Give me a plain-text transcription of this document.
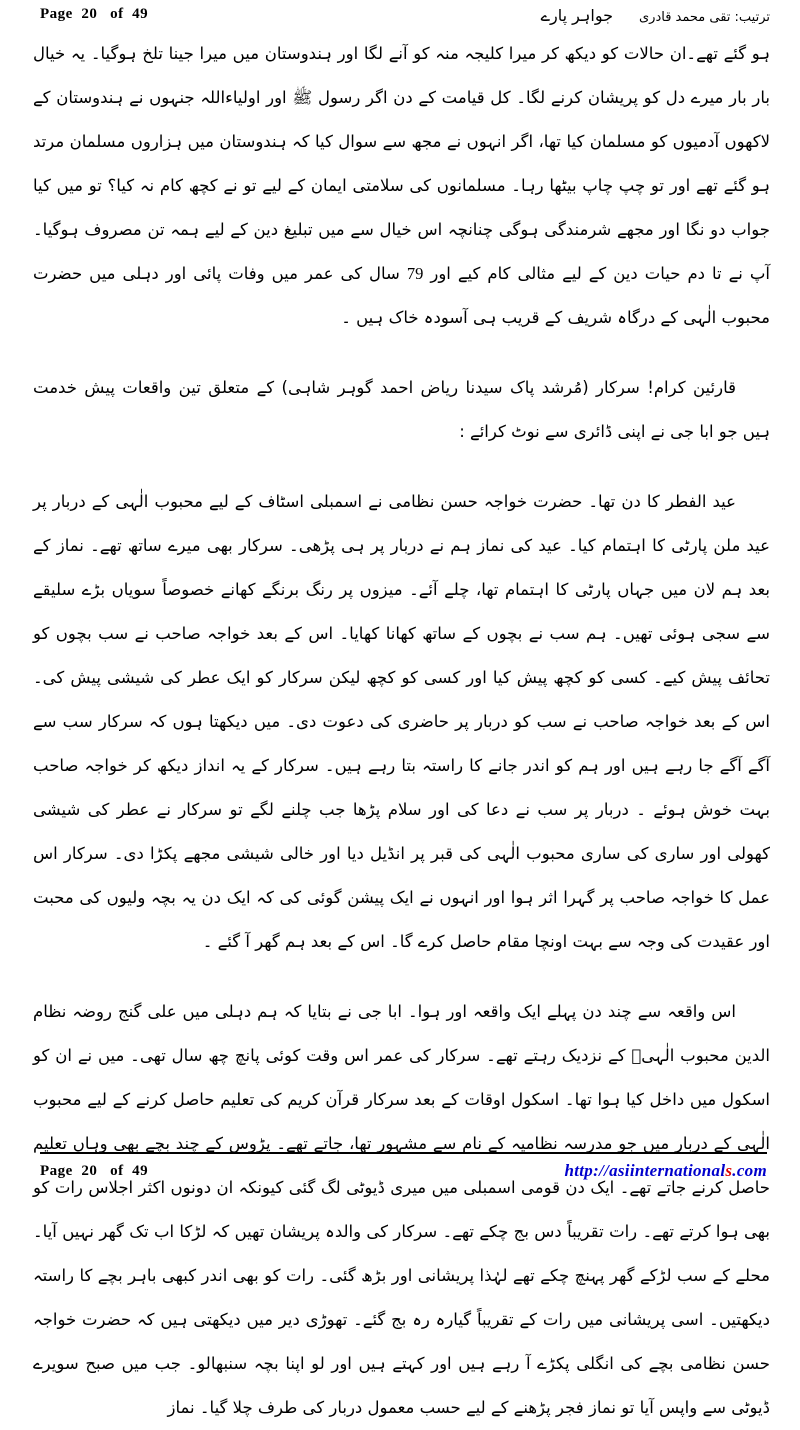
Page  20   of  49	ترتیب: تقی محمد قادری
جواہر پارے
ہو گئے تھے۔ان حالات کو دیکھ کر میرا کلیجہ منہ کو آنے لگا اور ہندوستان میں میرا جینا تلخ ہوگیا۔ یہ خیال بار بار میرے دل کو پریشان کرنے لگا۔ کل قیامت کے دن اگر رسول ﷺ اور اولیاءاللہ جنہوں نے ہندوستان کے لاکھوں آدمیوں کو مسلمان کیا تھا، اگر انہوں نے مجھ سے سوال کیا کہ ہندوستان میں ہزاروں مسلمان مرتد ہو گئے تھے اور تو چپ چاپ بیٹھا رہا۔ مسلمانوں کی سلامتی ایمان کے لیے تو نے کچھ کام نہ کیا؟ تو میں کیا جواب دو نگا اور مجھے شرمندگی ہوگی چنانچہ اس خیال سے میں تبلیغ دین کے لیے ہمہ تن مصروف ہوگیا۔ آپ نے تا دم حیات دین کے لیے مثالی کام کیے اور 79 سال کی عمر میں وفات پائی اور دہلی میں حضرت محبوب الٰہی کے درگاہ شریف کے قریب ہی آسودہ خاک ہیں ۔
قارئین کرام! سرکار (مُرشد پاک سیدنا ریاض احمد گوہر شاہی) کے متعلق تین واقعات پیش خدمت ہیں جو ابا جی نے اپنی ڈائری سے نوٹ کرائے :
عید الفطر کا دن تھا۔ حضرت خواجہ حسن نظامی نے اسمبلی اسٹاف کے لیے محبوب الٰہی کے دربار پر عید ملن پارٹی کا اہتمام کیا۔ عید کی نماز ہم نے دربار پر ہی پڑھی۔ سرکار بھی میرے ساتھ تھے۔ نماز کے بعد ہم لان میں جہاں پارٹی کا اہتمام تھا، چلے آئے۔ میزوں پر رنگ برنگے کھانے خصوصاً سویاں بڑے سلیقے سے سجی ہوئی تھیں۔ ہم سب نے بچوں کے ساتھ کھانا کھایا۔ اس کے بعد خواجہ صاحب نے سب بچوں کو تحائف پیش کیے۔ کسی کو کچھ پیش کیا اور کسی کو کچھ لیکن سرکار کو ایک عطر کی شیشی پیش کی۔ اس کے بعد خواجہ صاحب نے سب کو دربار پر حاضری کی دعوت دی۔ میں دیکھتا ہوں کہ سرکار سب سے آگے آگے جا رہے ہیں اور ہم کو اندر جانے کا راستہ بتا رہے ہیں۔ سرکار کے یہ انداز دیکھ کر خواجہ صاحب بہت خوش ہوئے ۔ دربار پر سب نے دعا کی اور سلام پڑھا جب چلنے لگے تو سرکار نے عطر کی شیشی کھولی اور ساری کی ساری محبوب الٰہی کی قبر پر انڈیل دیا اور خالی شیشی مجھے پکڑا دی۔ سرکار اس عمل کا خواجہ صاحب پر گہرا اثر ہوا اور انہوں نے ایک پیشن گوئی کی کہ ایک دن یہ بچہ ولیوں کی محبت اور عقیدت کی وجہ سے بہت اونچا مقام حاصل کرے گا۔ اس کے بعد ہم گھر آ گئے ۔
اس واقعہ سے چند دن پہلے ایک واقعہ اور ہوا۔ ابا جی نے بتایا کہ ہم دہلی میں علی گنج روضہ نظام الدین محبوب الٰہیؒ کے نزدیک رہتے تھے۔ سرکار کی عمر اس وقت کوئی پانچ چھ سال تھی۔ میں نے ان کو اسکول میں داخل کیا ہوا تھا۔ اسکول اوقات کے بعد سرکار قرآن کریم کی تعلیم حاصل کرنے کے لیے محبوب الٰہی کے دربار میں جو مدرسہ نظامیہ کے نام سے مشہور تھا، جاتے تھے۔ پڑوس کے چند بچے بھی وہاں تعلیم حاصل کرنے جاتے تھے۔ ایک دن قومی اسمبلی میں میری ڈیوٹی لگ گئی کیونکہ ان دونوں اکثر اجلاس رات کو بھی ہوا کرتے تھے۔ رات تقریباً دس بج چکے تھے۔ سرکار کی والدہ پریشان تھیں کہ لڑکا اب تک گھر نہیں آیا۔ محلے کے سب لڑکے گھر پہنچ چکے تھے لہٰذا پریشانی اور بڑھ گئی۔ رات کو بھی اندر کبھی باہر بچے کا راستہ دیکھتیں۔ اسی پریشانی میں رات کے تقریباً گیارہ رہ بج گئے۔ تھوڑی دیر میں دیکھتی ہیں کہ حضرت خواجہ حسن نظامی بچے کی انگلی پکڑے آ رہے ہیں اور کہتے ہیں اور لو اپنا بچہ سنبھالو۔ جب میں صبح سویرے ڈیوٹی سے واپس آیا تو نماز فجر پڑھنے کے لیے حسب معمول دربار کی طرف چلا گیا۔ نماز
Page  20   of  49	http://asiinternationals.com
